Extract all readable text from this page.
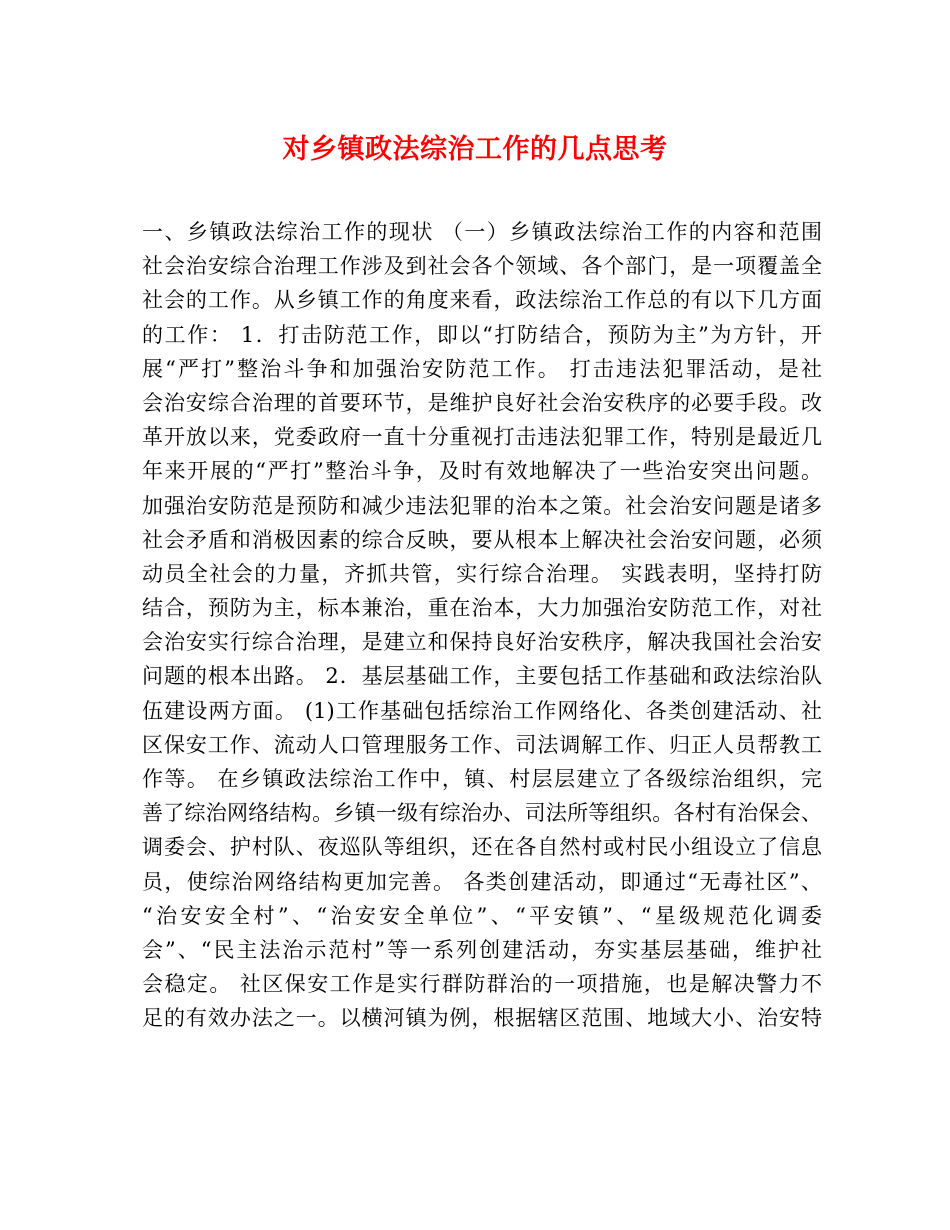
对乡镇政法综治工作的几点思考
一、乡镇政法综治工作的现状 （一）乡镇政法综治工作的内容和范围
社会治安综合治理工作涉及到社会各个领域、各个部门，是一项覆盖全
社会的工作。从乡镇工作的角度来看，政法综治工作总的有以下几方面
的工作： 1．打击防范工作，即以“打防结合，预防为主”为方针，开
展“严打”整治斗争和加强治安防范工作。 打击违法犯罪活动，是社
会治安综合治理的首要环节，是维护良好社会治安秩序的必要手段。改
革开放以来，党委政府一直十分重视打击违法犯罪工作，特别是最近几
年来开展的“严打”整治斗争，及时有效地解决了一些治安突出问题。
加强治安防范是预防和减少违法犯罪的治本之策。社会治安问题是诸多
社会矛盾和消极因素的综合反映，要从根本上解决社会治安问题，必须
动员全社会的力量，齐抓共管，实行综合治理。 实践表明，坚持打防
结合，预防为主，标本兼治，重在治本，大力加强治安防范工作，对社
会治安实行综合治理，是建立和保持良好治安秩序，解决我国社会治安
问题的根本出路。 2．基层基础工作，主要包括工作基础和政法综治队
伍建设两方面。 (1)工作基础包括综治工作网络化、各类创建活动、社
区保安工作、流动人口管理服务工作、司法调解工作、归正人员帮教工
作等。 在乡镇政法综治工作中，镇、村层层建立了各级综治组织，完
善了综治网络结构。乡镇一级有综治办、司法所等组织。各村有治保会、
调委会、护村队、夜巡队等组织，还在各自然村或村民小组设立了信息
员，使综治网络结构更加完善。 各类创建活动，即通过“无毒社区”、
“治安安全村”、“治安安全单位”、“平安镇”、“星级规范化调委
会”、“民主法治示范村”等一系列创建活动，夯实基层基础，维护社
会稳定。 社区保安工作是实行群防群治的一项措施，也是解决警力不
足的有效办法之一。以横河镇为例，根据辖区范围、地域大小、治安特
